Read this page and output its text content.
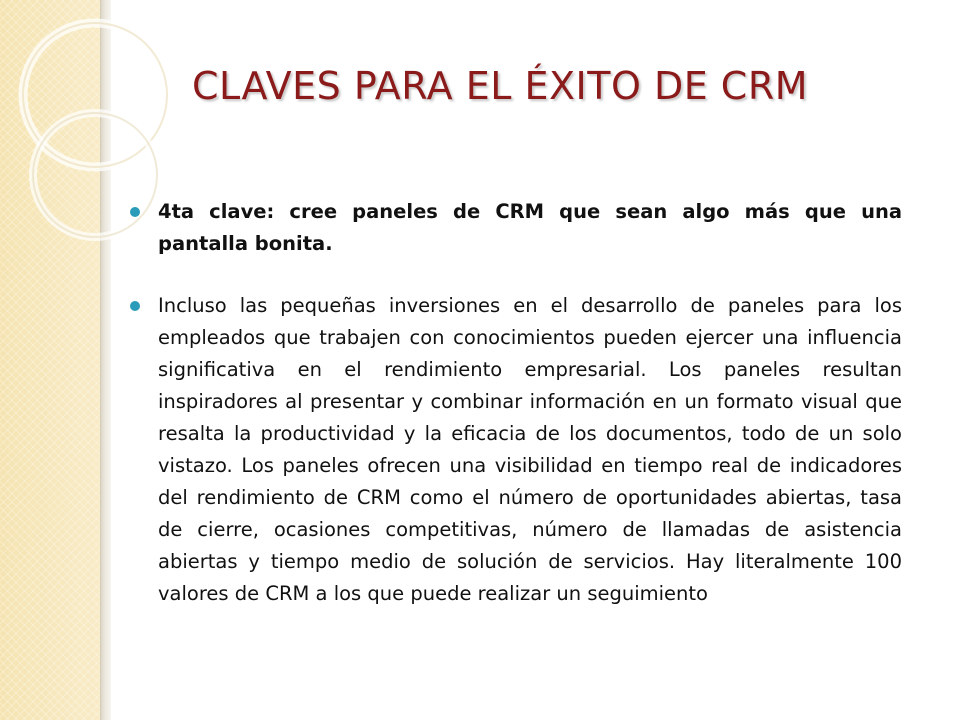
CLAVES PARA EL ÉXITO DE CRM
4ta clave: cree paneles de CRM que sean algo más que una pantalla bonita.
Incluso las pequeñas inversiones en el desarrollo de paneles para los empleados que trabajen con conocimientos pueden ejercer una influencia significativa en el rendimiento empresarial. Los paneles resultan inspiradores al presentar y combinar información en un formato visual que resalta la productividad y la eficacia de los documentos, todo de un solo vistazo. Los paneles ofrecen una visibilidad en tiempo real de indicadores del rendimiento de CRM como el número de oportunidades abiertas, tasa de cierre, ocasiones competitivas, número de llamadas de asistencia abiertas y tiempo medio de solución de servicios. Hay literalmente 100 valores de CRM a los que puede realizar un seguimiento
